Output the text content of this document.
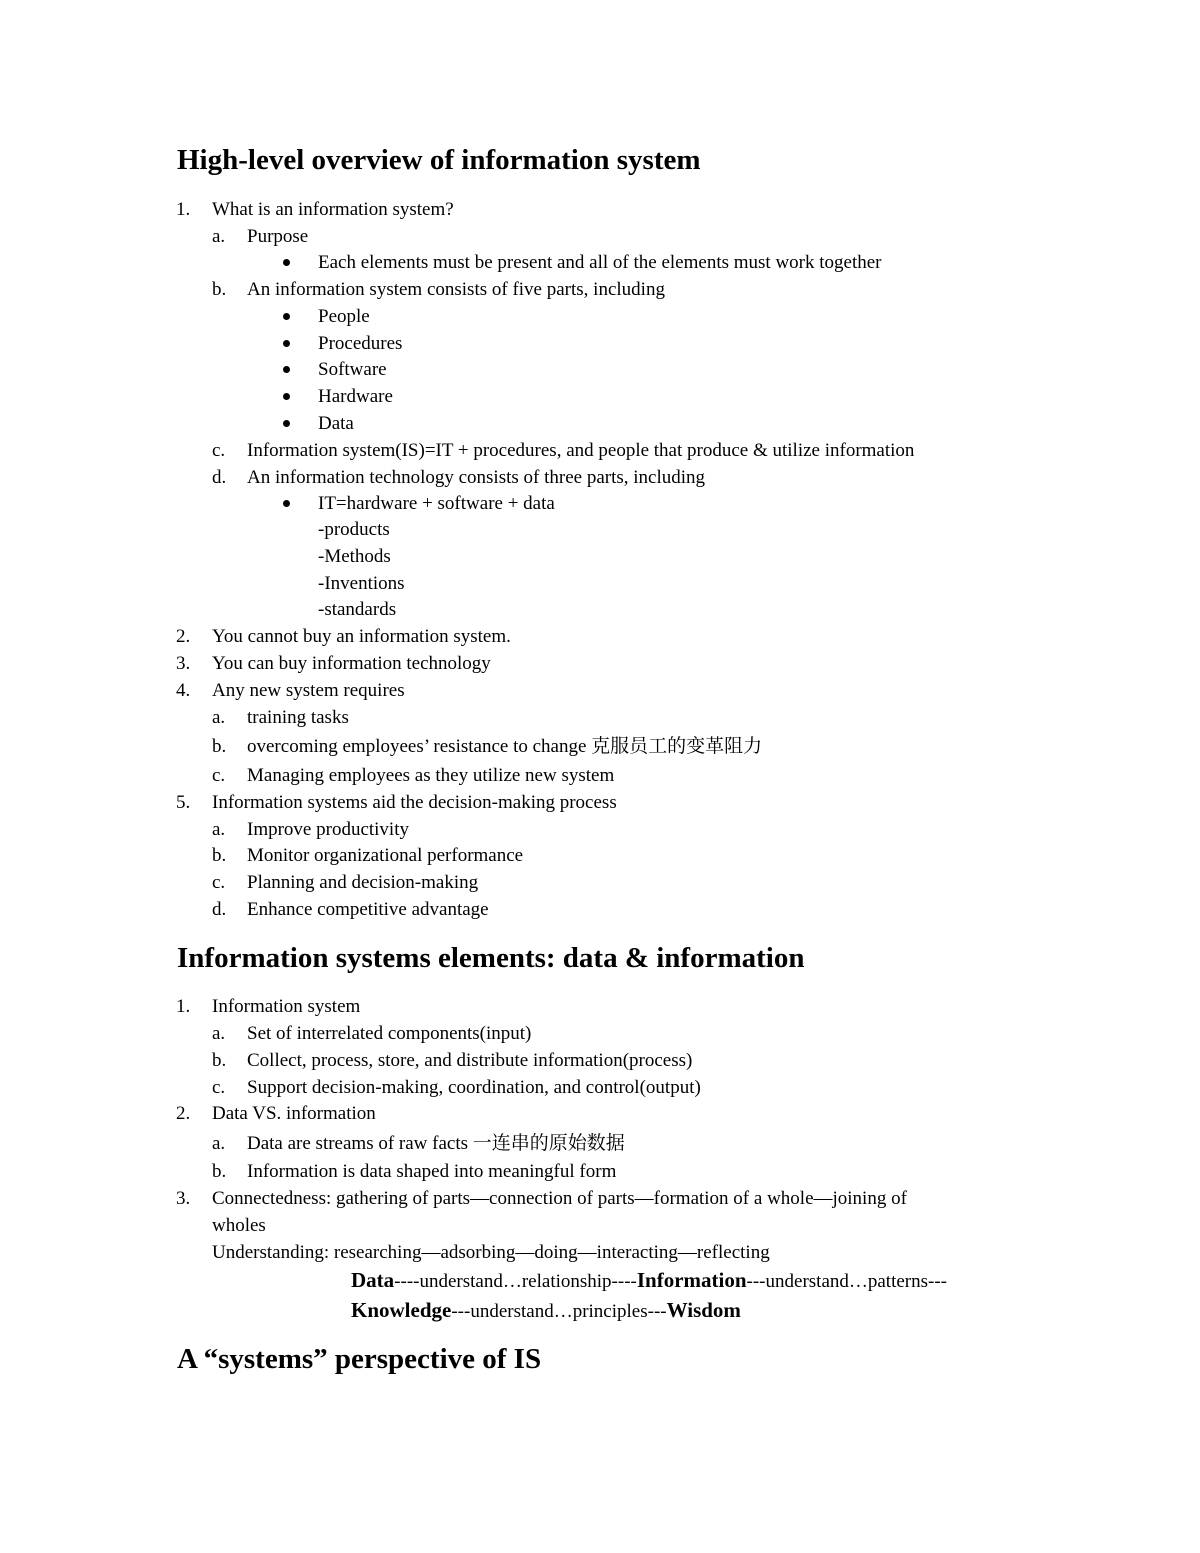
High-level overview of information system
1. What is an information system?
a. Purpose
Each elements must be present and all of the elements must work together
b. An information system consists of five parts, including
People
Procedures
Software
Hardware
Data
c. Information system(IS)=IT + procedures, and people that produce & utilize information
d. An information technology consists of three parts, including
IT=hardware + software + data
-products
-Methods
-Inventions
-standards
2. You cannot buy an information system.
3. You can buy information technology
4. Any new system requires
a. training tasks
b. overcoming employees’ resistance to change 克服员工的变革阻力
c. Managing employees as they utilize new system
5. Information systems aid the decision-making process
a. Improve productivity
b. Monitor organizational performance
c. Planning and decision-making
d. Enhance competitive advantage
Information systems elements: data & information
1. Information system
a. Set of interrelated components(input)
b. Collect, process, store, and distribute information(process)
c. Support decision-making, coordination, and control(output)
2. Data VS. information
a. Data are streams of raw facts 一连串的原始数据
b. Information is data shaped into meaningful form
3. Connectedness: gathering of parts—connection of parts—formation of a whole—joining of
wholes
Understanding: researching—adsorbing—doing—interacting—reflecting
Data----understand…relationship----Information---understand…patterns---
Knowledge---understand…principles---Wisdom
A “systems” perspective of IS
